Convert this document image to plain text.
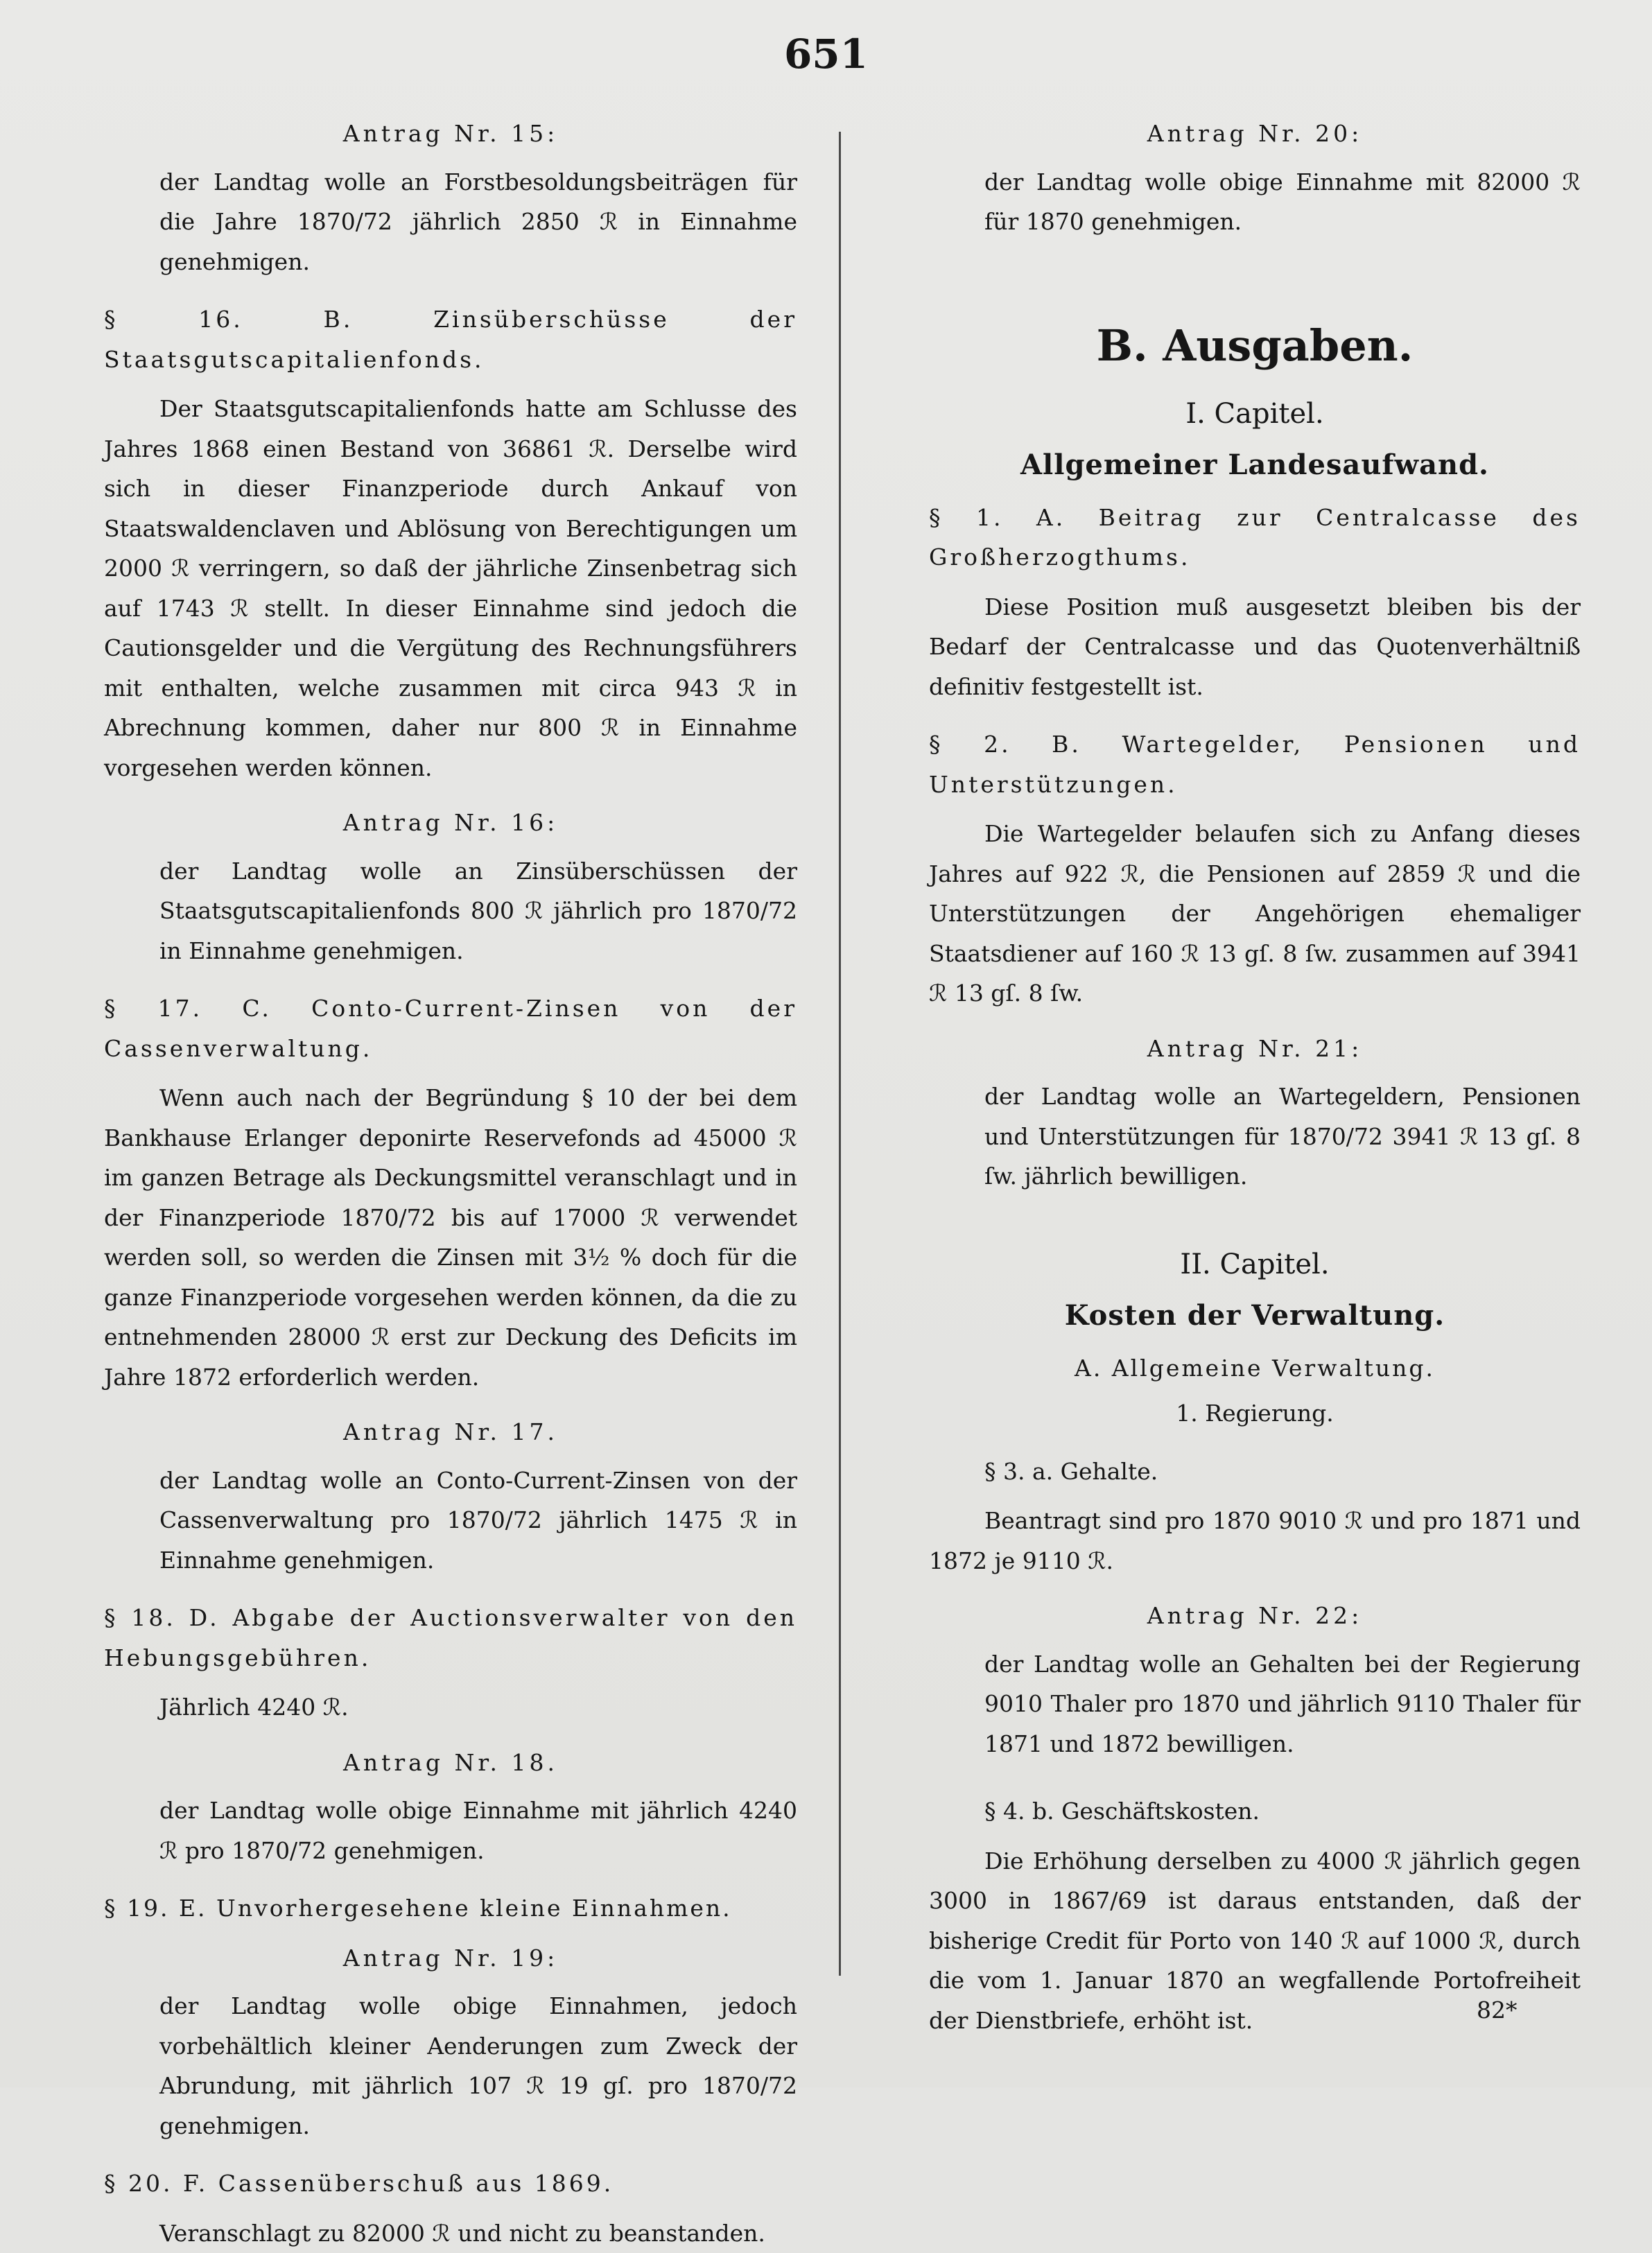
651

Antrag Nr. 15:

der Landtag wolle an Forstbesoldungsbeiträgen für die Jahre 1870/72 jährlich 2850 ℛ in Einnahme genehmigen.

§ 16. B. Zinsüberschüsse der Staatsgutscapitalienfonds.

Der Staatsgutscapitalienfonds hatte am Schlusse des Jahres 1868 einen Bestand von 36861 ℛ. Derselbe wird sich in dieser Finanzperiode durch Ankauf von Staatswaldenclaven und Ablösung von Berechtigungen um 2000 ℛ verringern, so daß der jährliche Zinsenbetrag sich auf 1743 ℛ stellt. In dieser Einnahme sind jedoch die Cautionsgelder und die Vergütung des Rechnungsführers mit enthalten, welche zusammen mit circa 943 ℛ in Abrechnung kommen, daher nur 800 ℛ in Einnahme vorgesehen werden können.

Antrag Nr. 16:

der Landtag wolle an Zinsüberschüssen der Staatsgutscapitalienfonds 800 ℛ jährlich pro 1870/72 in Einnahme genehmigen.

§ 17. C. Conto-Current-Zinsen von der Cassenverwaltung.

Wenn auch nach der Begründung § 10 der bei dem Bankhause Erlanger deponirte Reservefonds ad 45000 ℛ im ganzen Betrage als Deckungsmittel veranschlagt und in der Finanzperiode 1870/72 bis auf 17000 ℛ verwendet werden soll, so werden die Zinsen mit 3½ % doch für die ganze Finanzperiode vorgesehen werden können, da die zu entnehmenden 28000 ℛ erst zur Deckung des Deficits im Jahre 1872 erforderlich werden.

Antrag Nr. 17.

der Landtag wolle an Conto-Current-Zinsen von der Cassenverwaltung pro 1870/72 jährlich 1475 ℛ in Einnahme genehmigen.

§ 18. D. Abgabe der Auctionsverwalter von den Hebungsgebühren.

Jährlich 4240 ℛ.

Antrag Nr. 18.

der Landtag wolle obige Einnahme mit jährlich 4240 ℛ pro 1870/72 genehmigen.

§ 19. E. Unvorhergesehene kleine Einnahmen.

Antrag Nr. 19:

der Landtag wolle obige Einnahmen, jedoch vorbehältlich kleiner Aenderungen zum Zweck der Abrundung, mit jährlich 107 ℛ 19 gſ. pro 1870/72 genehmigen.

§ 20. F. Cassenüberschuß aus 1869.

Veranschlagt zu 82000 ℛ und nicht zu beanstanden.

Antrag Nr. 20:

der Landtag wolle obige Einnahme mit 82000 ℛ für 1870 genehmigen.

B. Ausgaben.

I. Capitel.

Allgemeiner Landesaufwand.

§ 1. A. Beitrag zur Centralcasse des Großherzogthums.

Diese Position muß ausgesetzt bleiben bis der Bedarf der Centralcasse und das Quotenverhältniß definitiv festgestellt ist.

§ 2. B. Wartegelder, Pensionen und Unterstützungen.

Die Wartegelder belaufen sich zu Anfang dieses Jahres auf 922 ℛ, die Pensionen auf 2859 ℛ und die Unterstützungen der Angehörigen ehemaliger Staatsdiener auf 160 ℛ 13 gſ. 8 ſw. zusammen auf 3941 ℛ 13 gſ. 8 ſw.

Antrag Nr. 21:

der Landtag wolle an Wartegeldern, Pensionen und Unterstützungen für 1870/72 3941 ℛ 13 gſ. 8 ſw. jährlich bewilligen.

II. Capitel.

Kosten der Verwaltung.

A. Allgemeine Verwaltung.

1. Regierung.

§ 3. a. Gehalte.

Beantragt sind pro 1870 9010 ℛ und pro 1871 und 1872 je 9110 ℛ.

Antrag Nr. 22:

der Landtag wolle an Gehalten bei der Regierung 9010 Thaler pro 1870 und jährlich 9110 Thaler für 1871 und 1872 bewilligen.

§ 4. b. Geschäftskosten.

Die Erhöhung derselben zu 4000 ℛ jährlich gegen 3000 in 1867/69 ist daraus entstanden, daß der bisherige Credit für Porto von 140 ℛ auf 1000 ℛ, durch die vom 1. Januar 1870 an wegfallende Portofreiheit der Dienstbriefe, erhöht ist.	82*
